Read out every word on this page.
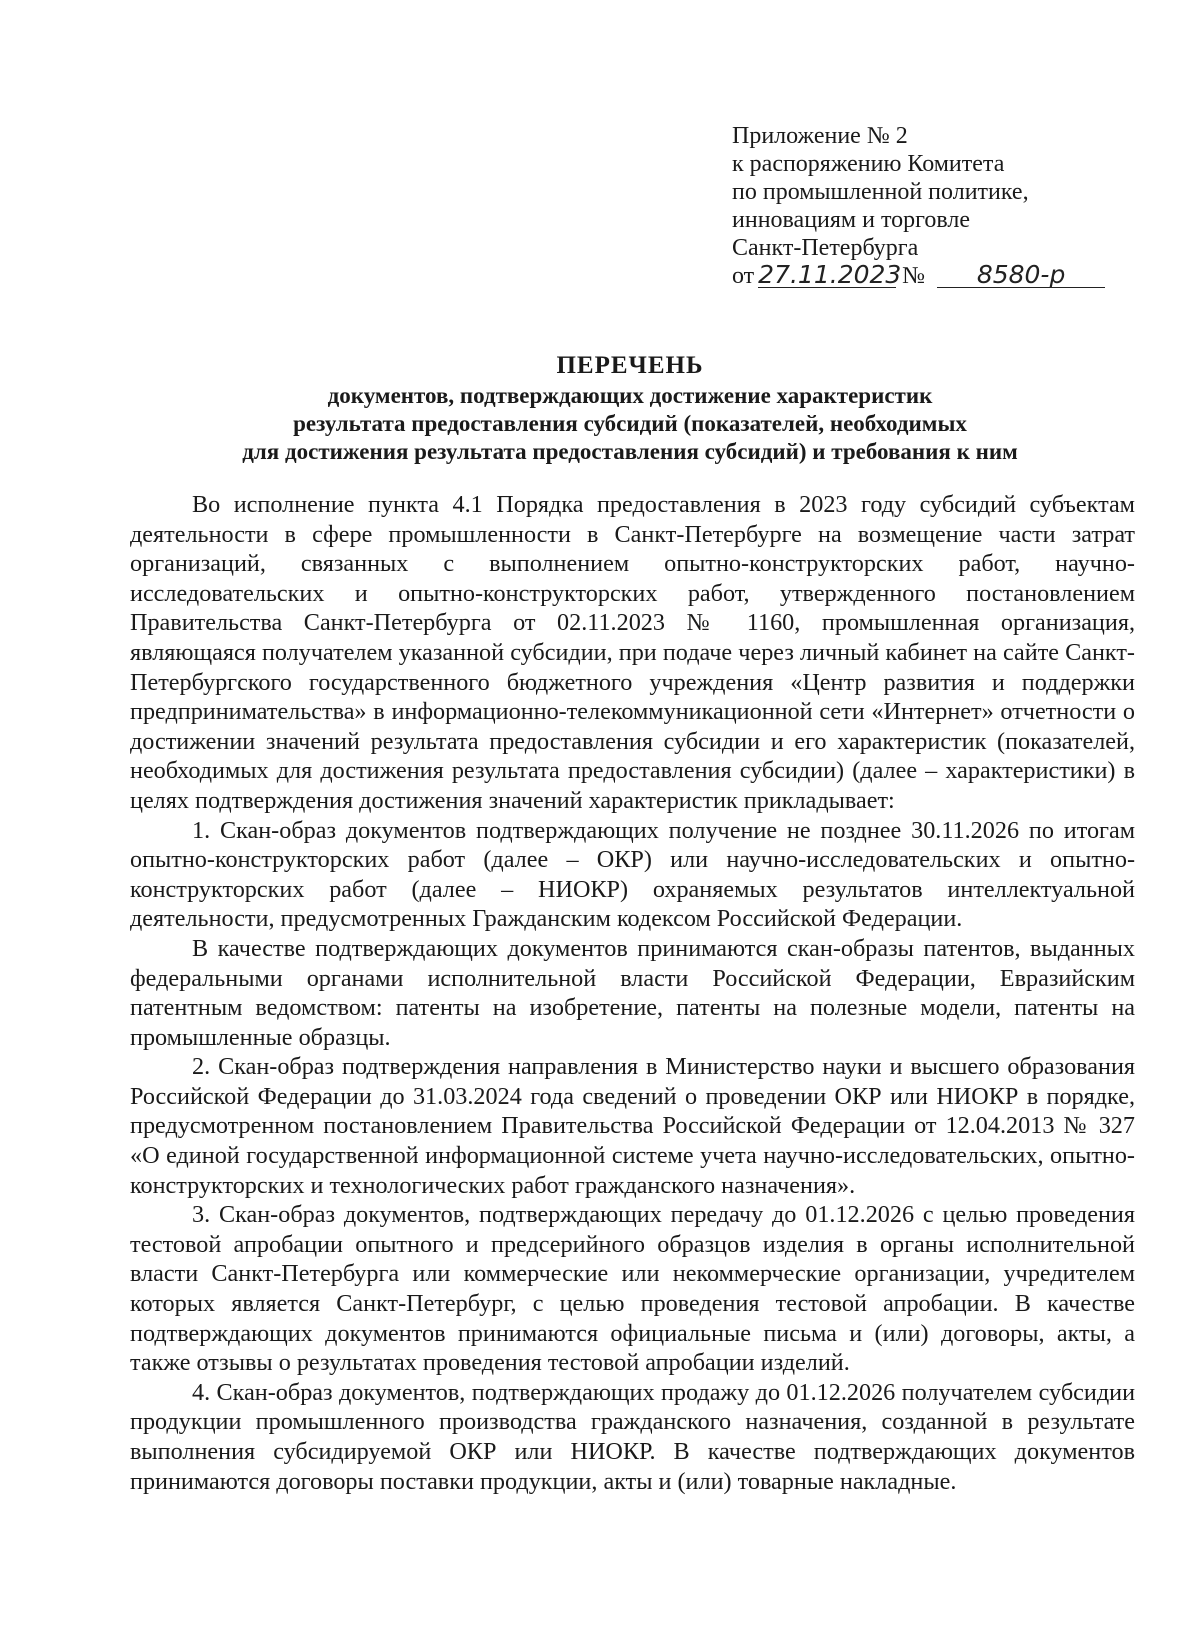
Приложение № 2
к распоряжению Комитета
по промышленной политике,
инновациям и торговле
Санкт-Петербурга
от 27.11.2023 № 8580-р
ПЕРЕЧЕНЬ
документов, подтверждающих достижение характеристик
результата предоставления субсидий (показателей, необходимых
для достижения результата предоставления субсидий) и требования к ним

Во исполнение пункта 4.1 Порядка предоставления в 2023 году субсидий субъектам деятельности в сфере промышленности в Санкт-Петербурге на возмещение части затрат организаций, связанных с выполнением опытно-конструкторских работ, научно-исследовательских и опытно-конструкторских работ, утвержденного постановлением Правительства Санкт-Петербурга от 02.11.2023 № 1160, промышленная организация, являющаяся получателем указанной субсидии, при подаче через личный кабинет на сайте Санкт-Петербургского государственного бюджетного учреждения «Центр развития и поддержки предпринимательства» в информационно-телекоммуникационной сети «Интернет» отчетности о достижении значений результата предоставления субсидии и его характеристик (показателей, необходимых для достижения результата предоставления субсидии) (далее – характеристики) в целях подтверждения достижения значений характеристик прикладывает:

1. Скан-образ документов подтверждающих получение не позднее 30.11.2026 по итогам опытно-конструкторских работ (далее – ОКР) или научно-исследовательских и опытно-конструкторских работ (далее – НИОКР) охраняемых результатов интеллектуальной деятельности, предусмотренных Гражданским кодексом Российской Федерации.

В качестве подтверждающих документов принимаются скан-образы патентов, выданных федеральными органами исполнительной власти Российской Федерации, Евразийским патентным ведомством: патенты на изобретение, патенты на полезные модели, патенты на промышленные образцы.

2. Скан-образ подтверждения направления в Министерство науки и высшего образования Российской Федерации до 31.03.2024 года сведений о проведении ОКР или НИОКР в порядке, предусмотренном постановлением Правительства Российской Федерации от 12.04.2013 № 327 «О единой государственной информационной системе учета научно-исследовательских, опытно-конструкторских и технологических работ гражданского назначения».

3. Скан-образ документов, подтверждающих передачу до 01.12.2026 с целью проведения тестовой апробации опытного и предсерийного образцов изделия в органы исполнительной власти Санкт-Петербурга или коммерческие или некоммерческие организации, учредителем которых является Санкт-Петербург, с целью проведения тестовой апробации. В качестве подтверждающих документов принимаются официальные письма и (или) договоры, акты, а также отзывы о результатах проведения тестовой апробации изделий.

4. Скан-образ документов, подтверждающих продажу до 01.12.2026 получателем субсидии продукции промышленного производства гражданского назначения, созданной в результате выполнения субсидируемой ОКР или НИОКР. В качестве подтверждающих документов принимаются договоры поставки продукции, акты и (или) товарные накладные.
